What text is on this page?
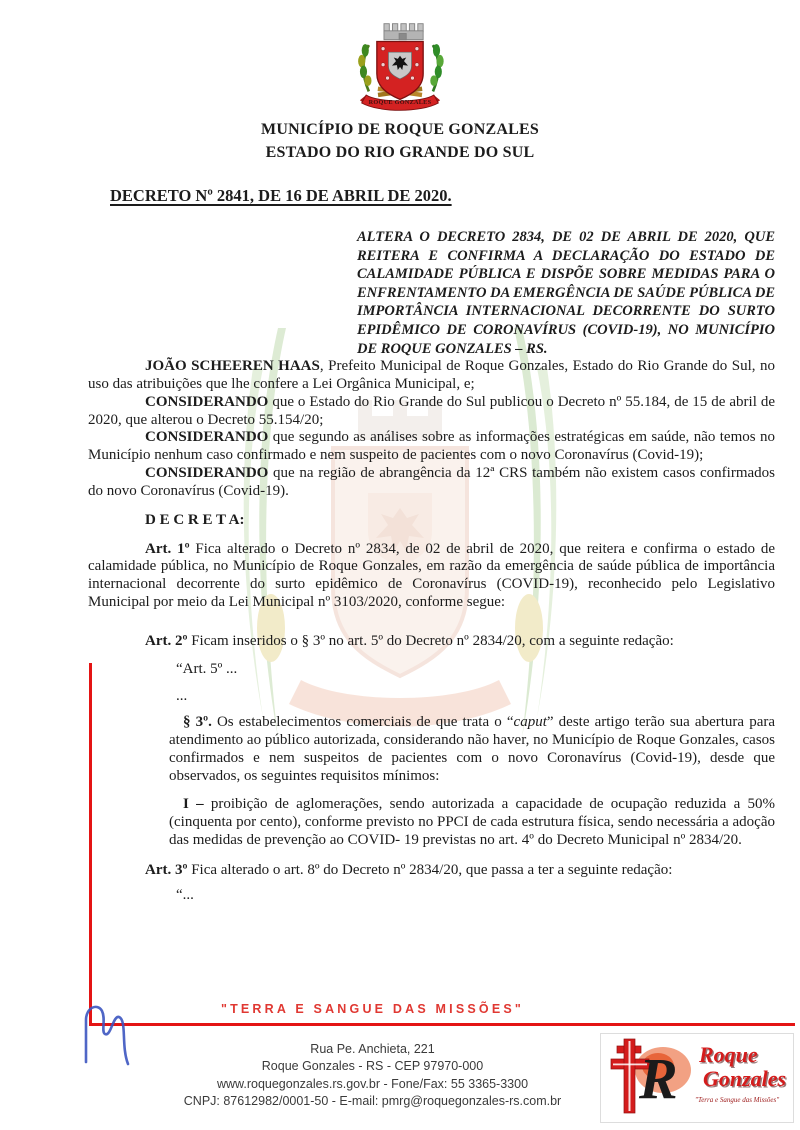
ROQUE GONZALES
MUNICÍPIO DE ROQUE GONZALES
ESTADO DO RIO GRANDE DO SUL
DECRETO Nº 2841, DE 16 DE ABRIL DE 2020.

ALTERA O DECRETO 2834, DE 02 DE ABRIL DE 2020, QUE REITERA E CONFIRMA A DECLARAÇÃO DO ESTADO DE CALAMIDADE PÚBLICA E DISPÕE SOBRE MEDIDAS PARA O ENFRENTAMENTO DA EMERGÊNCIA DE SAÚDE PÚBLICA DE IMPORTÂNCIA INTERNACIONAL DECORRENTE DO SURTO EPIDÊMICO DE CORONAVÍRUS (COVID-19), NO MUNICÍPIO DE ROQUE GONZALES – RS.

JOÃO SCHEEREN HAAS, Prefeito Municipal de Roque Gonzales, Estado do Rio Grande do Sul, no uso das atribuições que lhe confere a Lei Orgânica Municipal, e;

CONSIDERANDO que o Estado do Rio Grande do Sul publicou o Decreto nº 55.184, de 15 de abril de 2020, que alterou o Decreto 55.154/20;

CONSIDERANDO que segundo as análises sobre as informações estratégicas em saúde, não temos no Município nenhum caso confirmado e nem suspeito de pacientes com o novo Coronavírus (Covid-19);

CONSIDERANDO que na região de abrangência da 12ª CRS também não existem casos confirmados do novo Coronavírus (Covid-19).

D E C R E T A:

Art. 1º Fica alterado o Decreto nº 2834, de 02 de abril de 2020, que reitera e confirma o estado de calamidade pública, no Município de Roque Gonzales, em razão da emergência de saúde pública de importância internacional decorrente do surto epidêmico de Coronavírus (COVID-19), reconhecido pelo Legislativo Municipal por meio da Lei Municipal nº 3103/2020, conforme segue:

Art. 2º Ficam inseridos o § 3º no art. 5º do Decreto nº 2834/20, com a seguinte redação:

“Art. 5º ...

...

§ 3º. Os estabelecimentos comerciais de que trata o “caput” deste artigo terão sua abertura para atendimento ao público autorizada, considerando não haver, no Município de Roque Gonzales, casos confirmados e nem suspeitos de pacientes com o novo Coronavírus (Covid-19), desde que observados, os seguintes requisitos mínimos:

I – proibição de aglomerações, sendo autorizada a capacidade de ocupação reduzida a 50% (cinquenta por cento), conforme previsto no PPCI de cada estrutura física, sendo necessária a adoção das medidas de prevenção ao COVID- 19 previstas no art. 4º do Decreto Municipal nº 2834/20.

Art. 3º Fica alterado o art. 8º do Decreto nº 2834/20, que passa a ter a seguinte redação:

“...

"TERRA E SANGUE DAS MISSÕES"
Rua Pe. Anchieta, 221
Roque Gonzales - RS - CEP 97970-000
www.roquegonzales.rs.gov.br - Fone/Fax: 55 3365-3300
CNPJ: 87612982/0001-50 - E-mail: pmrg@roquegonzales-rs.com.br	R Roque
Gonzales
"Terra e Sangue das Missões"
